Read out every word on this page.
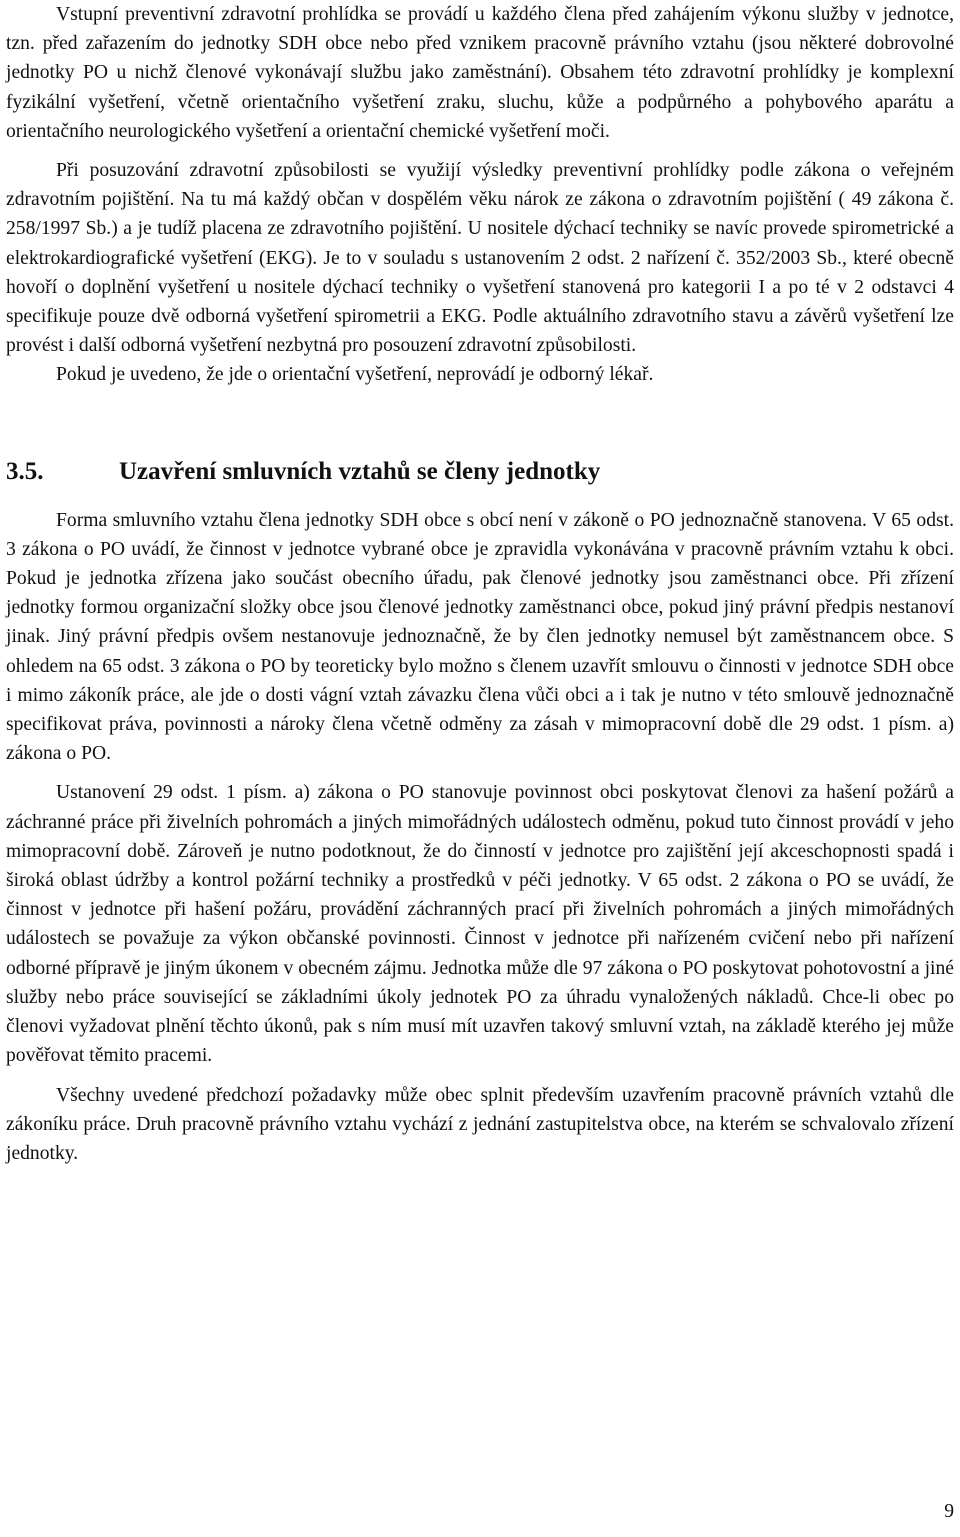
Vstupní preventivní zdravotní prohlídka se provádí u každého člena před zahájením výkonu služby v jednotce, tzn. před zařazením do jednotky SDH obce nebo před vznikem pracovně právního vztahu (jsou některé dobrovolné jednotky PO u nichž členové vykonávají službu jako zaměstnání). Obsahem této zdravotní prohlídky je komplexní fyzikální vyšetření, včetně orientačního vyšetření zraku, sluchu, kůže a podpůrného a pohybového aparátu a orientačního neurologického vyšetření a orientační chemické vyšetření moči.

Při posuzování zdravotní způsobilosti se využijí výsledky preventivní prohlídky podle zákona o veřejném zdravotním pojištění. Na tu má každý občan v dospělém věku nárok ze zákona o zdravotním pojištění ( 49 zákona č. 258/1997 Sb.) a je tudíž placena ze zdravotního pojištění. U nositele dýchací techniky se navíc provede spirometrické a elektrokardiografické vyšetření (EKG). Je to v souladu s ustanovením 2 odst. 2 nařízení č. 352/2003 Sb., které obecně hovoří o doplnění vyšetření u nositele dýchací techniky o vyšetření stanovená pro kategorii I a po té v 2 odstavci 4 specifikuje pouze dvě odborná vyšetření spirometrii a EKG. Podle aktuálního zdravotního stavu a závěrů vyšetření lze provést i další odborná vyšetření nezbytná pro posouzení zdravotní způsobilosti.

Pokud je uvedeno, že jde o orientační vyšetření, neprovádí je odborný lékař.

3.5.	Uzavření smluvních vztahů se členy jednotky

Forma smluvního vztahu člena jednotky SDH obce s obcí není v zákoně o PO jednoznačně stanovena. V 65 odst. 3 zákona o PO uvádí, že činnost v jednotce vybrané obce je zpravidla vykonávána v pracovně právním vztahu k obci. Pokud je jednotka zřízena jako součást obecního úřadu, pak členové jednotky jsou zaměstnanci obce. Při zřízení jednotky formou organizační složky obce jsou členové jednotky zaměstnanci obce, pokud jiný právní předpis nestanoví jinak. Jiný právní předpis ovšem nestanovuje jednoznačně, že by člen jednotky nemusel být zaměstnancem obce. S ohledem na 65 odst. 3 zákona o PO by teoreticky bylo možno s členem uzavřít smlouvu o činnosti v jednotce SDH obce i mimo zákoník práce, ale jde o dosti vágní vztah závazku člena vůči obci a i tak je nutno v této smlouvě jednoznačně specifikovat práva, povinnosti a nároky člena včetně odměny za zásah v mimopracovní době dle 29 odst. 1 písm. a) zákona o PO.

Ustanovení 29 odst. 1 písm. a) zákona o PO stanovuje povinnost obci poskytovat členovi za hašení požárů a záchranné práce při živelních pohromách a jiných mimořádných událostech odměnu, pokud tuto činnost provádí v jeho mimopracovní době. Zároveň je nutno podotknout, že do činností v jednotce pro zajištění její akceschopnosti spadá i široká oblast údržby a kontrol požární techniky a prostředků v péči jednotky. V 65 odst. 2 zákona o PO se uvádí, že činnost v jednotce při hašení požáru, provádění záchranných prací při živelních pohromách a jiných mimořádných událostech se považuje za výkon občanské povinnosti. Činnost v jednotce při nařízeném cvičení nebo při nařízení odborné přípravě je jiným úkonem v obecném zájmu. Jednotka může dle 97 zákona o PO poskytovat pohotovostní a jiné služby nebo práce související se základními úkoly jednotek PO za úhradu vynaložených nákladů. Chce-li obec po členovi vyžadovat plnění těchto úkonů, pak s ním musí mít uzavřen takový smluvní vztah, na základě kterého jej může pověřovat těmito pracemi.

Všechny uvedené předchozí požadavky může obec splnit především uzavřením pracovně právních vztahů dle zákoníku práce. Druh pracovně právního vztahu vychází z jednání zastupitelstva obce, na kterém se schvalovalo zřízení jednotky.

9
